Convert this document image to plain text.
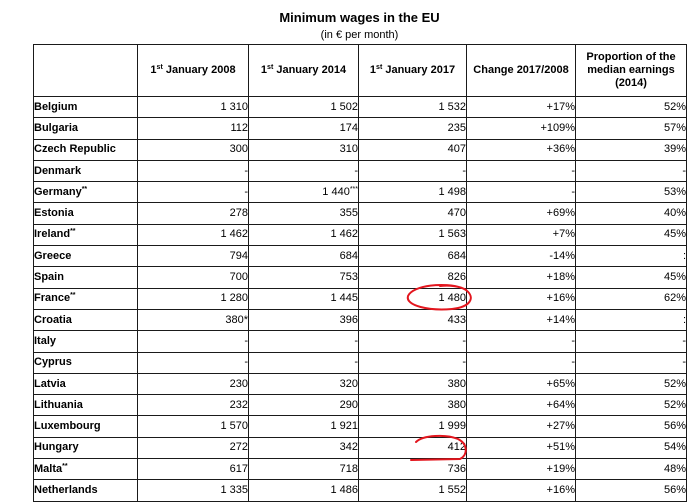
Minimum wages in the EU
(in € per month)
	1st January 2008	1st January 2014	1st January 2017	Change 2017/2008	Proportion of the
median earnings
(2014)

Belgium	1 310	1 502	1 532	+17%	52%
Bulgaria	112	174	235	+109%	57%
Czech Republic	300	310	407	+36%	39%
Denmark	-	-	-	-	-
Germany**	-	1 440***	1 498	-	53%
Estonia	278	355	470	+69%	40%
Ireland**	1 462	1 462	1 563	+7%	45%
Greece	794	684	684	-14%	:
Spain	700	753	826	+18%	45%
France**	1 280	1 445	1 480	+16%	62%
Croatia	380*	396	433	+14%	:
Italy	-	-	-	-	-
Cyprus	-	-	-	-	-
Latvia	230	320	380	+65%	52%
Lithuania	232	290	380	+64%	52%
Luxembourg	1 570	1 921	1 999	+27%	56%
Hungary	272	342	412	+51%	54%
Malta**	617	718	736	+19%	48%
Netherlands	1 335	1 486	1 552	+16%	56%
